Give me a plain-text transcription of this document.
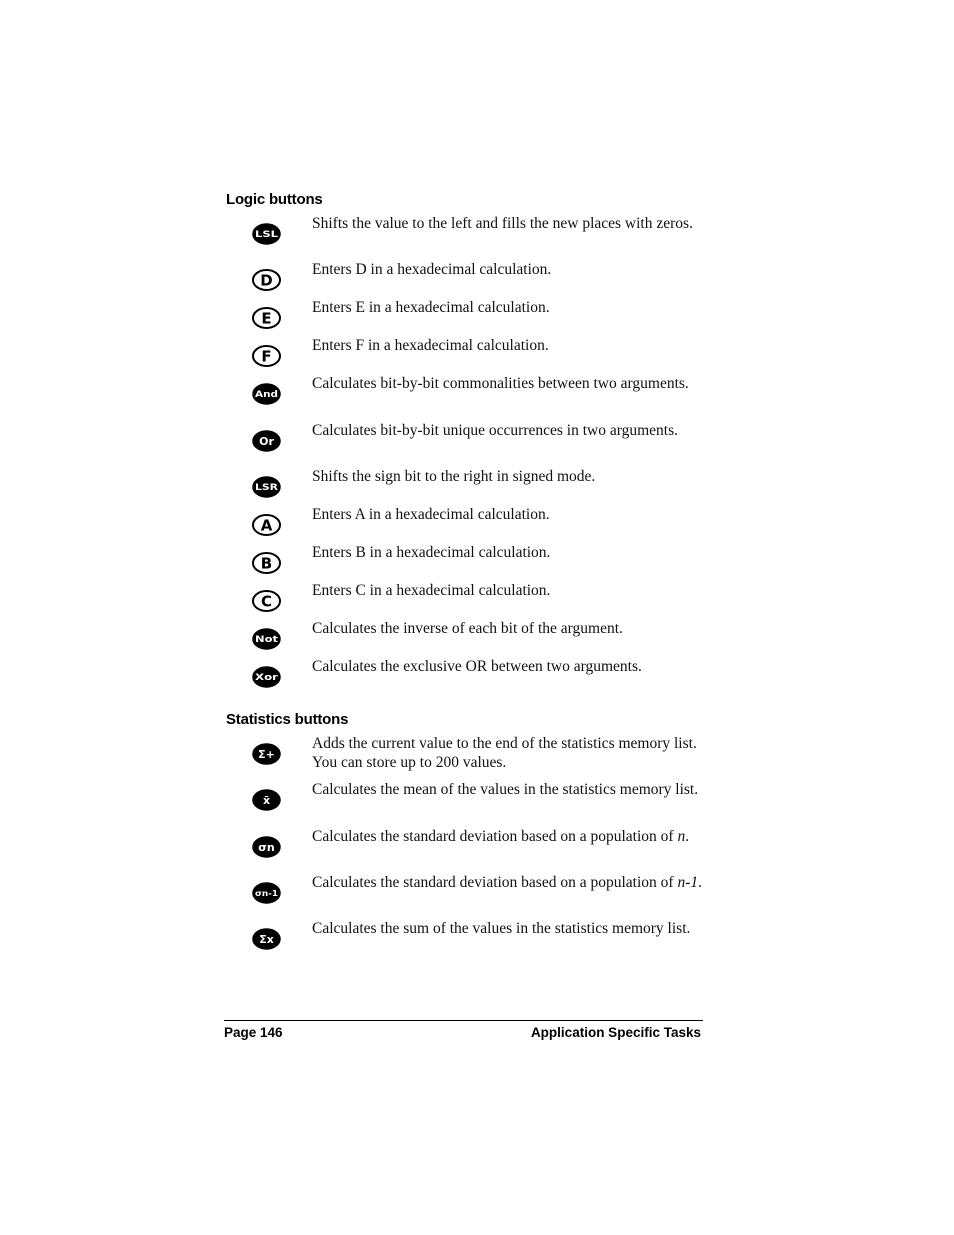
Logic buttons
LSL
Shifts the value to the left and fills the new places with zeros.
D
Enters D in a hexadecimal calculation.
E
Enters E in a hexadecimal calculation.
F
Enters F in a hexadecimal calculation.
And
Calculates bit-by-bit commonalities between two arguments.
Or
Calculates bit-by-bit unique occurrences in two arguments.
LSR
Shifts the sign bit to the right in signed mode.
A
Enters A in a hexadecimal calculation.
B
Enters B in a hexadecimal calculation.
C
Enters C in a hexadecimal calculation.
Not
Calculates the inverse of each bit of the argument.
Xor
Calculates the exclusive OR between two arguments.
Statistics buttons
Σ+
Adds the current value to the end of the statistics memory list. You can store up to 200 values.
x̄
Calculates the mean of the values in the statistics memory list.
σn
Calculates the standard deviation based on a population of n.
σn-1
Calculates the standard deviation based on a population of n-1.
Σx
Calculates the sum of the values in the statistics memory list.
Page 146	Application Specific Tasks
